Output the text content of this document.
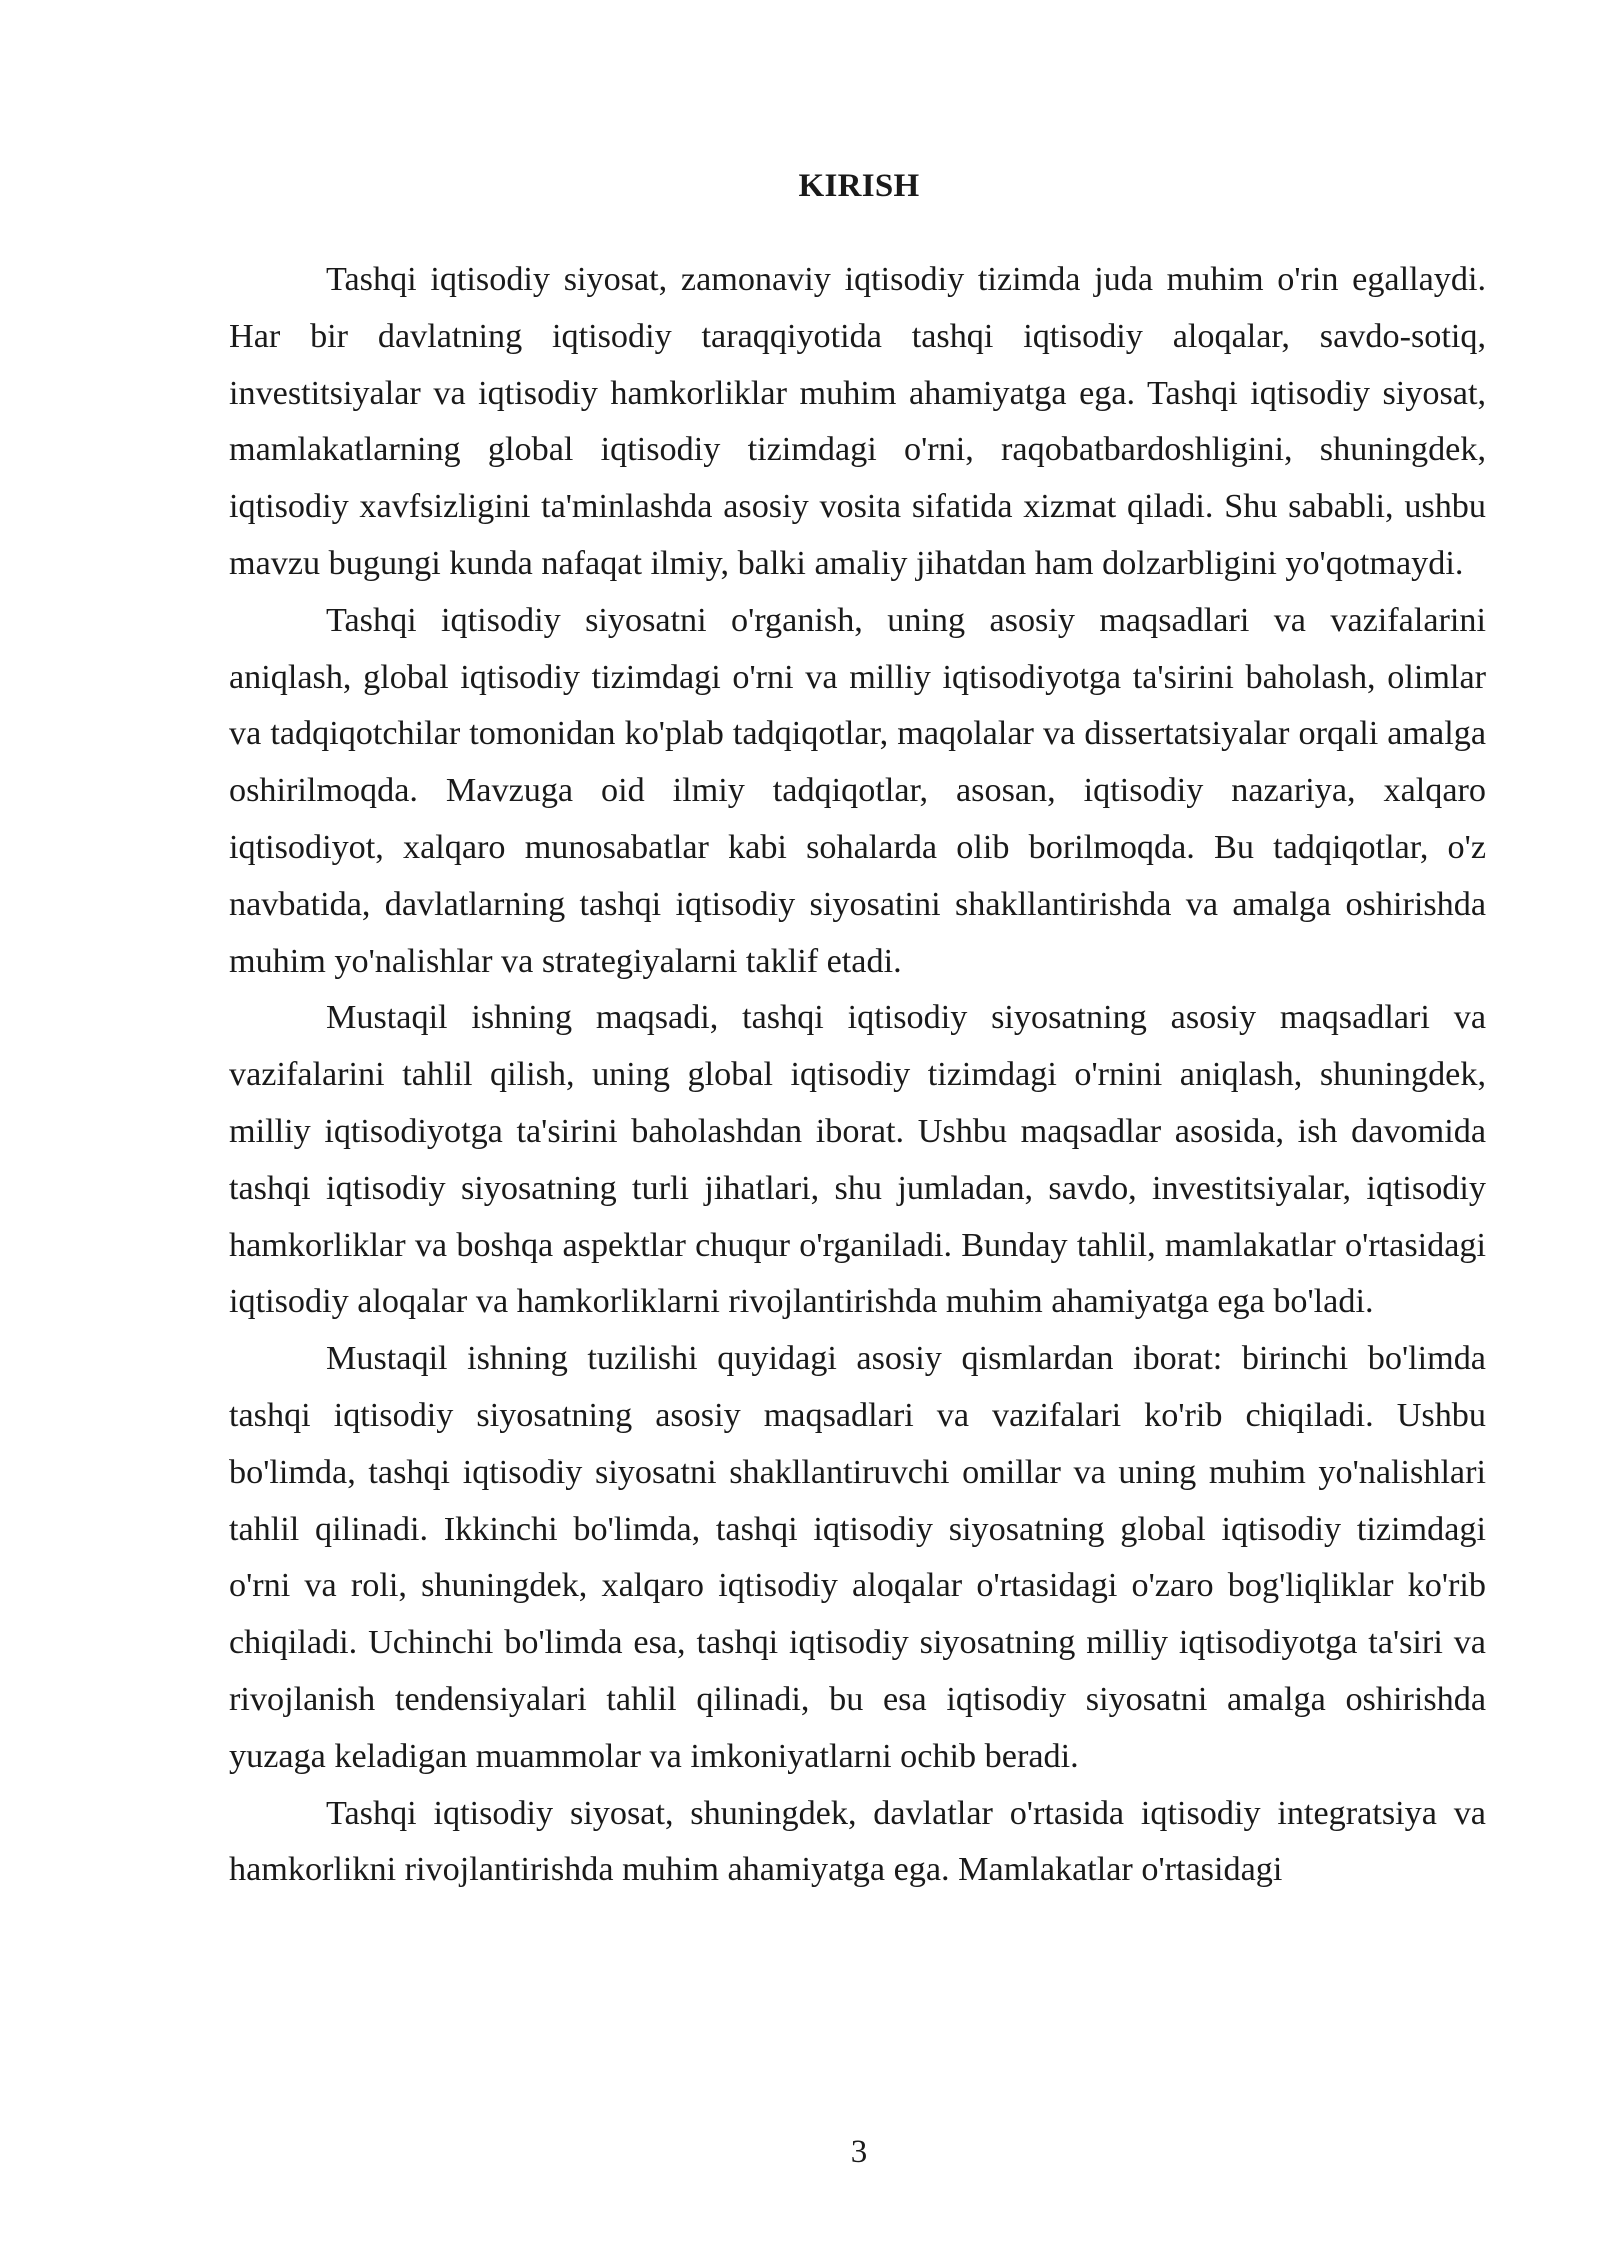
KIRISH

Tashqi iqtisodiy siyosat, zamonaviy iqtisodiy tizimda juda muhim o'rin egallaydi. Har bir davlatning iqtisodiy taraqqiyotida tashqi iqtisodiy aloqalar, savdo-sotiq, investitsiyalar va iqtisodiy hamkorliklar muhim ahamiyatga ega. Tashqi iqtisodiy siyosat, mamlakatlarning global iqtisodiy tizimdagi o'rni, raqobatbardoshligini, shuningdek, iqtisodiy xavfsizligini ta'minlashda asosiy vosita sifatida xizmat qiladi. Shu sababli, ushbu mavzu bugungi kunda nafaqat ilmiy, balki amaliy jihatdan ham dolzarbligini yo'qotmaydi.

Tashqi iqtisodiy siyosatni o'rganish, uning asosiy maqsadlari va vazifalarini aniqlash, global iqtisodiy tizimdagi o'rni va milliy iqtisodiyotga ta'sirini baholash, olimlar va tadqiqotchilar tomonidan ko'plab tadqiqotlar, maqolalar va dissertatsiyalar orqali amalga oshirilmoqda. Mavzuga oid ilmiy tadqiqotlar, asosan, iqtisodiy nazariya, xalqaro iqtisodiyot, xalqaro munosabatlar kabi sohalarda olib borilmoqda. Bu tadqiqotlar, o'z navbatida, davlatlarning tashqi iqtisodiy siyosatini shakllantirishda va amalga oshirishda muhim yo'nalishlar va strategiyalarni taklif etadi.

Mustaqil ishning maqsadi, tashqi iqtisodiy siyosatning asosiy maqsadlari va vazifalarini tahlil qilish, uning global iqtisodiy tizimdagi o'rnini aniqlash, shuningdek, milliy iqtisodiyotga ta'sirini baholashdan iborat. Ushbu maqsadlar asosida, ish davomida tashqi iqtisodiy siyosatning turli jihatlari, shu jumladan, savdo, investitsiyalar, iqtisodiy hamkorliklar va boshqa aspektlar chuqur o'rganiladi. Bunday tahlil, mamlakatlar o'rtasidagi iqtisodiy aloqalar va hamkorliklarni rivojlantirishda muhim ahamiyatga ega bo'ladi.

Mustaqil ishning tuzilishi quyidagi asosiy qismlardan iborat: birinchi bo'limda tashqi iqtisodiy siyosatning asosiy maqsadlari va vazifalari ko'rib chiqiladi. Ushbu bo'limda, tashqi iqtisodiy siyosatni shakllantiruvchi omillar va uning muhim yo'nalishlari tahlil qilinadi. Ikkinchi bo'limda, tashqi iqtisodiy siyosatning global iqtisodiy tizimdagi o'rni va roli, shuningdek, xalqaro iqtisodiy aloqalar o'rtasidagi o'zaro bog'liqliklar ko'rib chiqiladi. Uchinchi bo'limda esa, tashqi iqtisodiy siyosatning milliy iqtisodiyotga ta'siri va rivojlanish tendensiyalari tahlil qilinadi, bu esa iqtisodiy siyosatni amalga oshirishda yuzaga keladigan muammolar va imkoniyatlarni ochib beradi.

Tashqi iqtisodiy siyosat, shuningdek, davlatlar o'rtasida iqtisodiy integratsiya va hamkorlikni rivojlantirishda muhim ahamiyatga ega. Mamlakatlar o'rtasidagi

3
